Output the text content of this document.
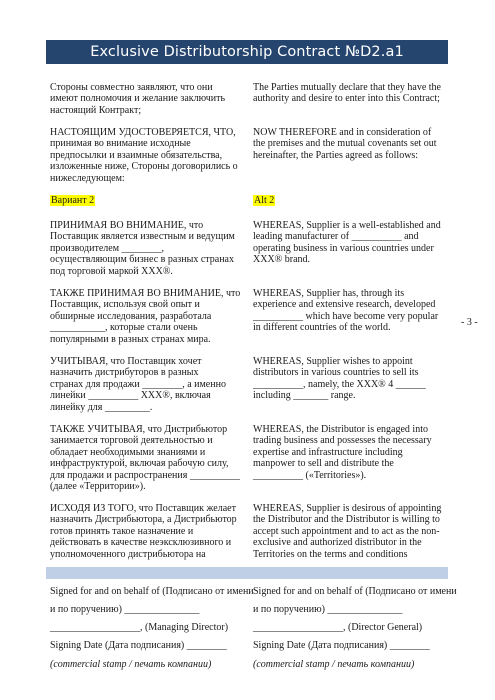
Exclusive Distributorship Contract №D2.a1

Стороны совместно заявляют, что они

имеют полномочия и желание заключить

настоящий Контракт;

НАСТОЯЩИМ УДОСТОВЕРЯЕТСЯ, ЧТО,

принимая во внимание исходные

предпосылки и взаимные обязательства,

изложенные ниже, Стороны договорились о

нижеследующем:

Вариант 2

ПРИНИМАЯ ВО ВНИМАНИЕ, что

Поставщик является известным и ведущим

производителем ________,

осуществляющим бизнес в разных странах

под торговой маркой XXX®.

ТАКЖЕ ПРИНИМАЯ ВО ВНИМАНИЕ, что

Поставщик, используя свой опыт и

обширные исследования, разработала

___________, которые стали очень

популярными в разных странах мира.

УЧИТЫВАЯ, что Поставщик хочет

назначить дистрибуторов в разных

странах для продажи ________, а именно

линейки __________ XXX®, включая

линейку для _________.

ТАКЖЕ УЧИТЫВАЯ, что Дистрибьютор

занимается торговой деятельностью и

обладает необходимыми знаниями и

инфраструктурой, включая рабочую силу,

для продажи и распространения __________

(далее «Территории»).

ИСХОДЯ ИЗ ТОГО, что Поставщик желает

назначить Дистрибьютора, а Дистрибьютор

готов принять такое назначение и

действовать в качестве неэксклюзивного и

уполномоченного дистрибьютора на

The Parties mutually declare that they have the

authority and desire to enter into this Contract;

NOW THEREFORE and in consideration of

the premises and the mutual covenants set out

hereinafter, the Parties agreed as follows:

Alt 2

WHEREAS, Supplier is a well-established and

leading manufacturer of __________ and

operating business in various countries under

XXX® brand.

WHEREAS, Supplier has, through its

experience and extensive research, developed

__________ which have become very popular

in different countries of the world.

WHEREAS, Supplier wishes to appoint

distributors in various countries to sell its

__________, namely, the XXX® 4 ______

including _______ range.

WHEREAS, the Distributor is engaged into

trading business and possesses the necessary

expertise and infrastructure including

manpower to sell and distribute the

__________ («Territories»).

WHEREAS, Supplier is desirous of appointing

the Distributor and the Distributor is willing to

accept such appointment and to act as the non-

exclusive and authorized distributor in the

Territories on the terms and conditions

- 3 -
Signed for and on behalf of (Подписано от имени
и по поручению) _______________
__________________, (Managing Director)
Signing Date (Дата подписания) ________
(commercial stamp / печать компании)
Signed for and on behalf of (Подписано от имени
и по поручению) _______________
__________________, (Director General)
Signing Date (Дата подписания) ________
(commercial stamp / печать компании)
